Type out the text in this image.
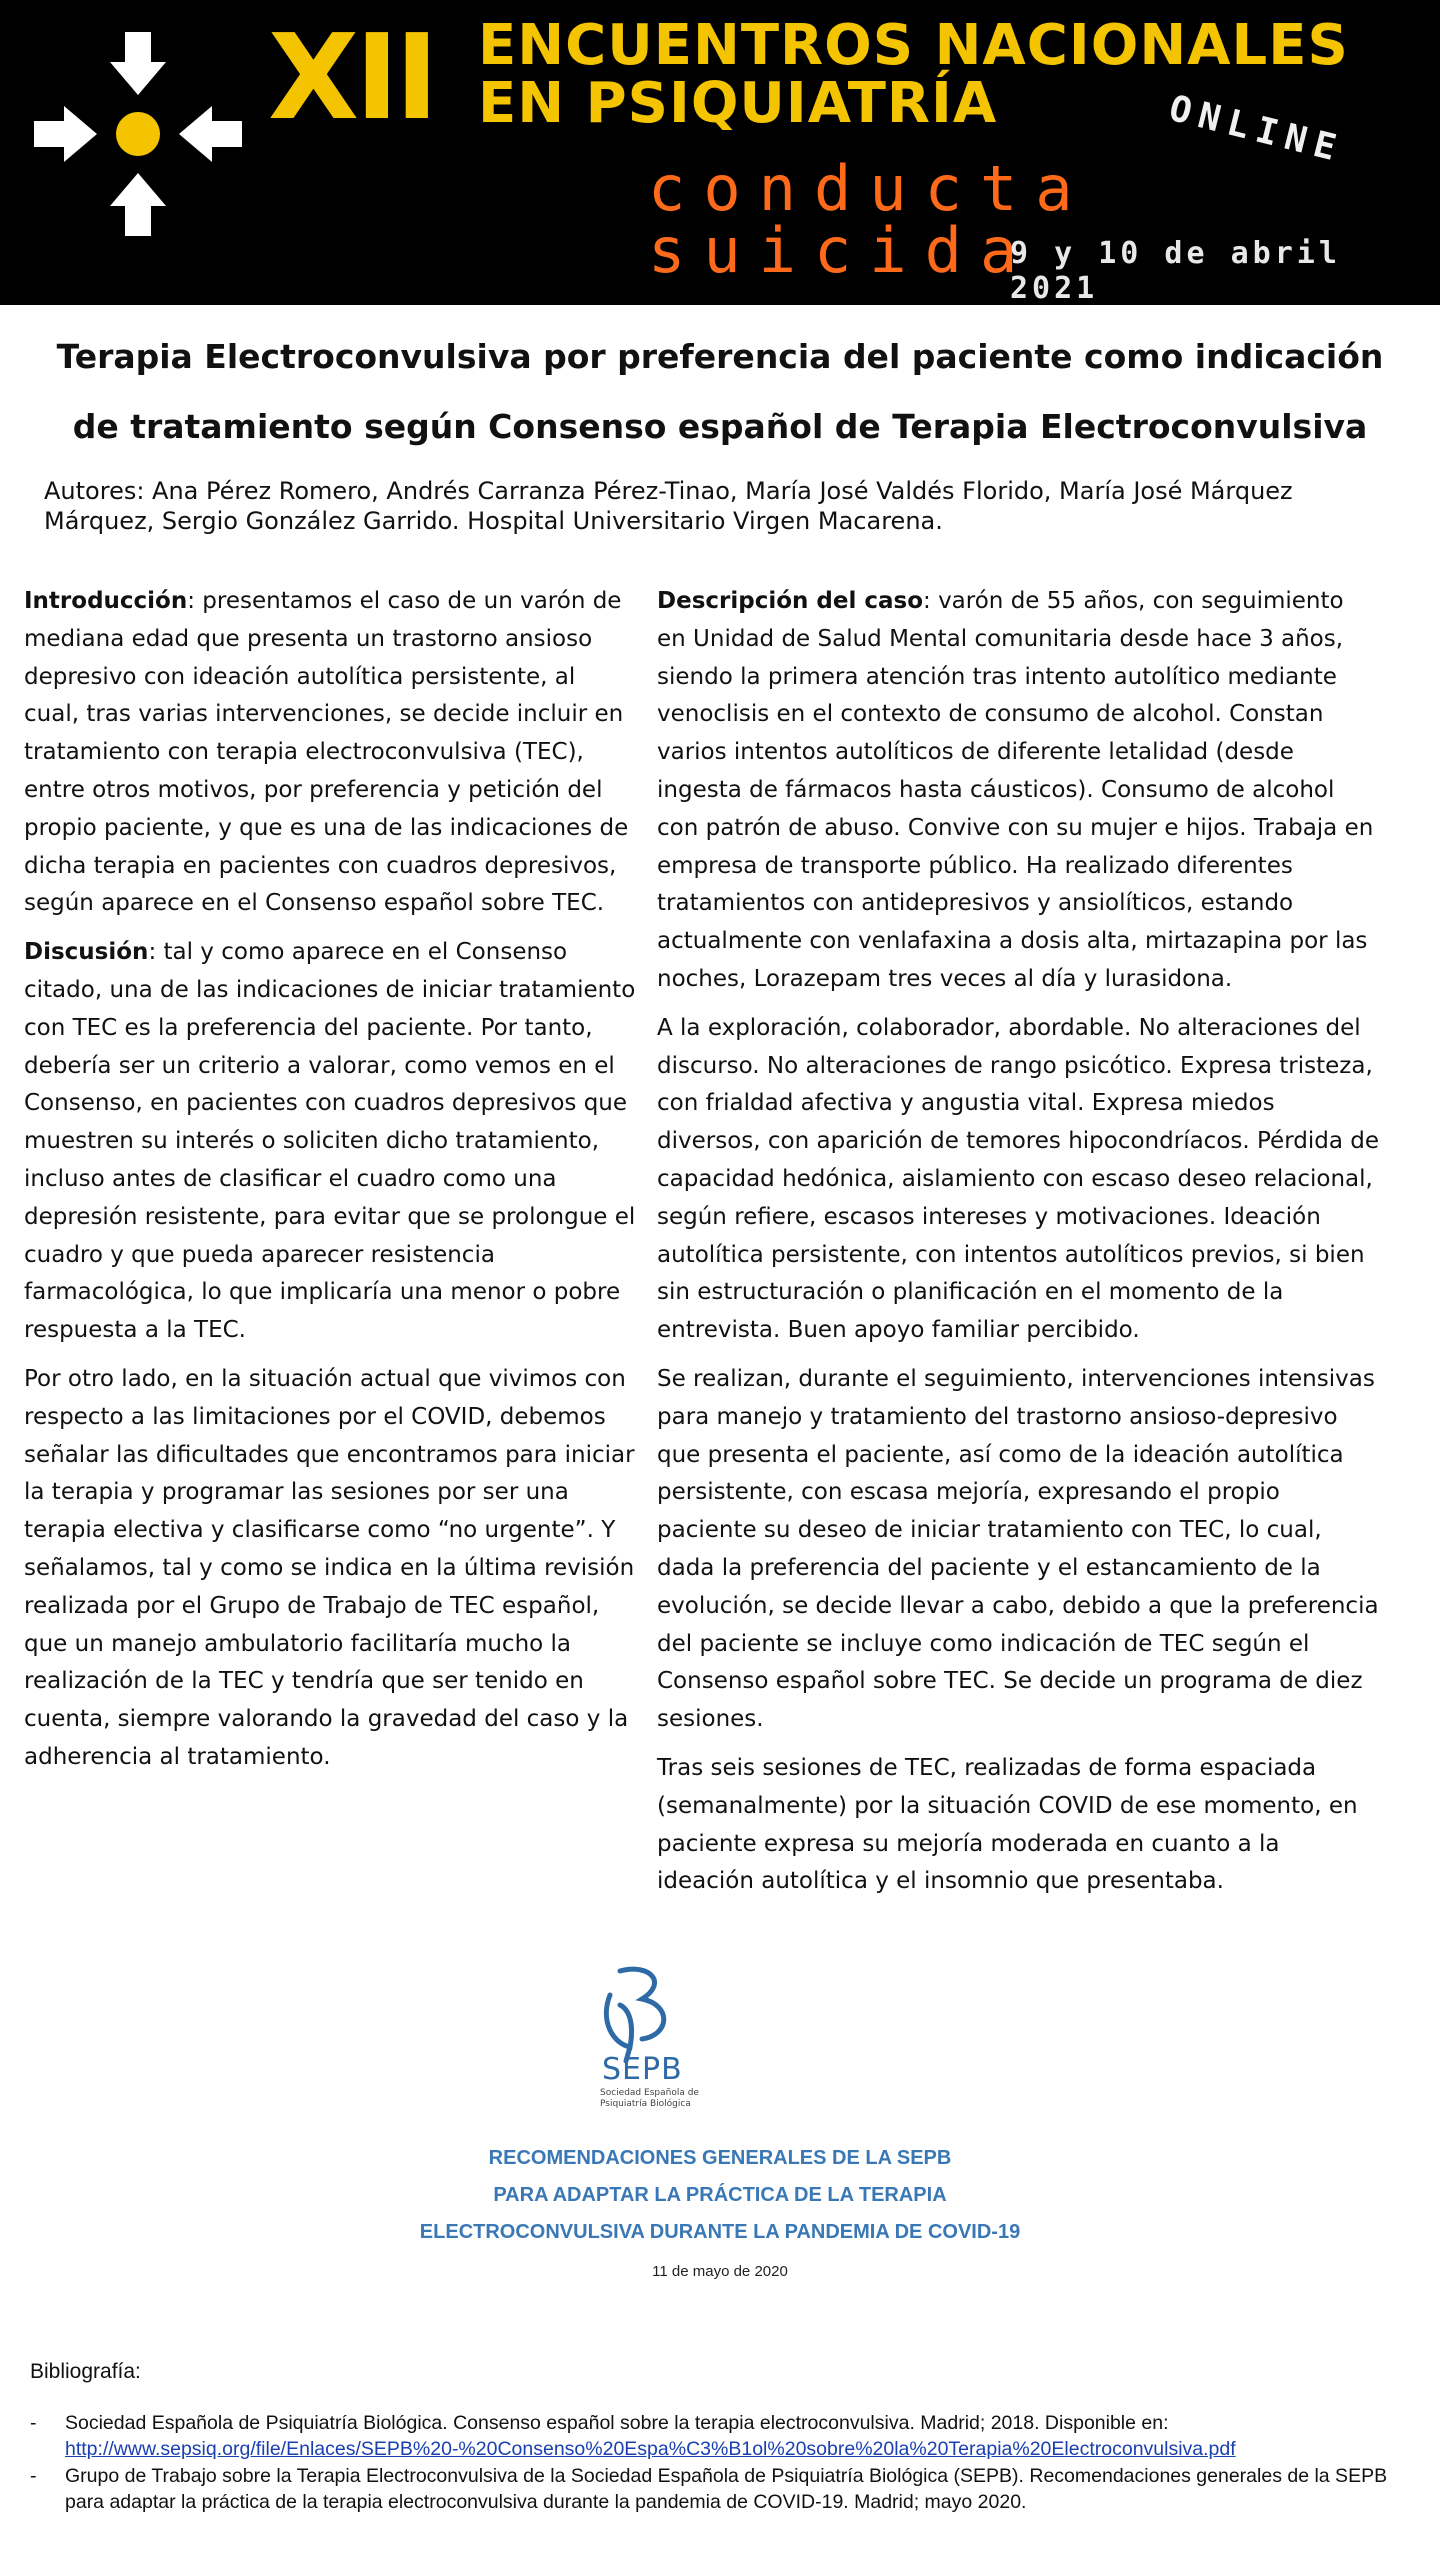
XII ENCUENTROS NACIONALES
EN PSIQUIATRÍA	ONLINE
conducta suicida
9 y 10 de abril 2021
Terapia Electroconvulsiva por preferencia del paciente como indicación de tratamiento según Consenso español de Terapia Electroconvulsiva

Autores: Ana Pérez Romero, Andrés Carranza Pérez-Tinao, María José Valdés Florido, María José Márquez Márquez, Sergio González Garrido. Hospital Universitario Virgen Macarena.

Introducción: presentamos el caso de un varón de mediana edad que presenta un trastorno ansioso depresivo con ideación autolítica persistente, al cual, tras varias intervenciones, se decide incluir en tratamiento con terapia electroconvulsiva (TEC), entre otros motivos, por preferencia y petición del propio paciente, y que es una de las indicaciones de dicha terapia en pacientes con cuadros depresivos, según aparece en el Consenso español sobre TEC.

Discusión: tal y como aparece en el Consenso citado, una de las indicaciones de iniciar tratamiento con TEC es la preferencia del paciente. Por tanto, debería ser un criterio a valorar, como vemos en el Consenso, en pacientes con cuadros depresivos que muestren su interés o soliciten dicho tratamiento, incluso antes de clasificar el cuadro como una depresión resistente, para evitar que se prolongue el cuadro y que pueda aparecer resistencia farmacológica, lo que implicaría una menor o pobre respuesta a la TEC.

Por otro lado, en la situación actual que vivimos con respecto a las limitaciones por el COVID, debemos señalar las dificultades que encontramos para iniciar la terapia y programar las sesiones por ser una terapia electiva y clasificarse como “no urgente”. Y señalamos, tal y como se indica en la última revisión realizada por el Grupo de Trabajo de TEC español, que un manejo ambulatorio facilitaría mucho la realización de la TEC y tendría que ser tenido en cuenta, siempre valorando la gravedad del caso y la adherencia al tratamiento.

Descripción del caso: varón de 55 años, con seguimiento en Unidad de Salud Mental comunitaria desde hace 3 años, siendo la primera atención tras intento autolítico mediante venoclisis en el contexto de consumo de alcohol. Constan varios intentos autolíticos de diferente letalidad (desde ingesta de fármacos hasta cáusticos). Consumo de alcohol con patrón de abuso. Convive con su mujer e hijos. Trabaja en empresa de transporte público. Ha realizado diferentes tratamientos con antidepresivos y ansiolíticos, estando actualmente con venlafaxina a dosis alta, mirtazapina por las noches, Lorazepam tres veces al día y lurasidona.

A la exploración, colaborador, abordable. No alteraciones del discurso. No alteraciones de rango psicótico. Expresa tristeza, con frialdad afectiva y angustia vital. Expresa miedos diversos, con aparición de temores hipocondríacos. Pérdida de capacidad hedónica, aislamiento con escaso deseo relacional, según refiere, escasos intereses y motivaciones. Ideación autolítica persistente, con intentos autolíticos previos, si bien sin estructuración o planificación en el momento de la entrevista. Buen apoyo familiar percibido.

Se realizan, durante el seguimiento, intervenciones intensivas para manejo y tratamiento del trastorno ansioso-depresivo que presenta el paciente, así como de la ideación autolítica persistente, con escasa mejoría, expresando el propio paciente su deseo de iniciar tratamiento con TEC, lo cual, dada la preferencia del paciente y el estancamiento de la evolución, se decide llevar a cabo, debido a que la preferencia del paciente se incluye como indicación de TEC según el Consenso español sobre TEC. Se decide un programa de diez sesiones.

Tras seis sesiones de TEC, realizadas de forma espaciada (semanalmente) por la situación COVID de ese momento, en paciente expresa su mejoría moderada en cuanto a la ideación autolítica y el insomnio que presentaba.

SEPB
Sociedad Española de Psiquiatría Biológica
RECOMENDACIONES GENERALES DE LA SEPB
PARA ADAPTAR LA PRÁCTICA DE LA TERAPIA
ELECTROCONVULSIVA DURANTE LA PANDEMIA DE COVID-19
11 de mayo de 2020
Bibliografía:
- Sociedad Española de Psiquiatría Biológica. Consenso español sobre la terapia electroconvulsiva. Madrid; 2018. Disponible en: http://www.sepsiq.org/file/Enlaces/SEPB%20-%20Consenso%20Espa%C3%B1ol%20sobre%20la%20Terapia%20Electroconvulsiva.pdf
- Grupo de Trabajo sobre la Terapia Electroconvulsiva de la Sociedad Española de Psiquiatría Biológica (SEPB). Recomendaciones generales de la SEPB para adaptar la práctica de la terapia electroconvulsiva durante la pandemia de COVID-19. Madrid; mayo 2020.
